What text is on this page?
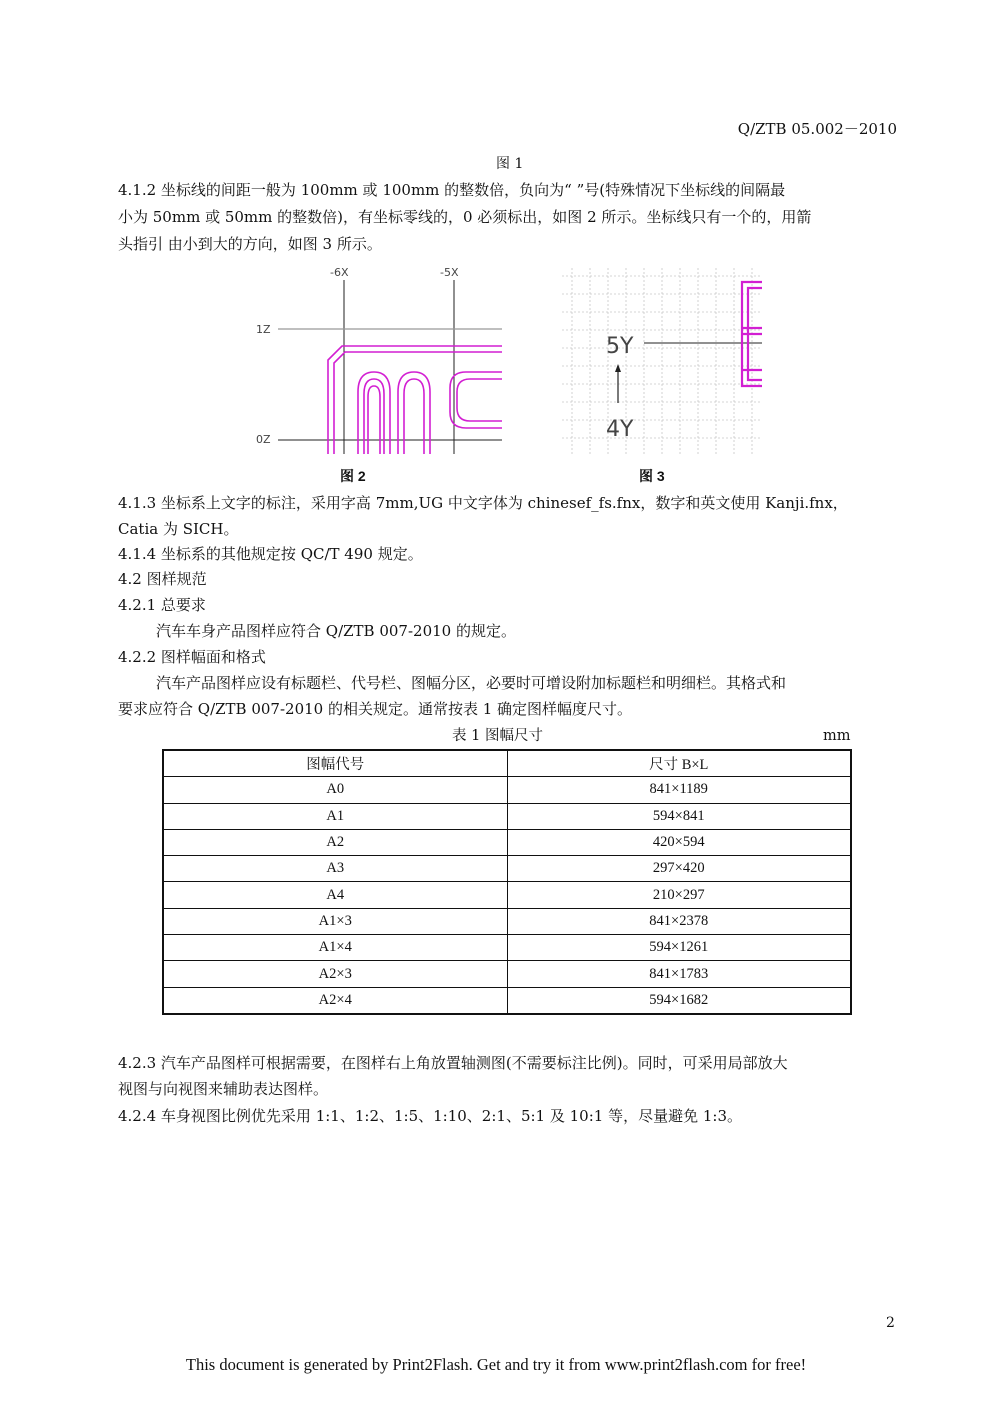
Q/ZTB 05.002－2010
图 1
4.1.2 坐标线的间距一般为 100mm 或 100mm 的整数倍，负向为“ ”号(特殊情况下坐标线的间隔最
小为 50mm 或 50mm 的整数倍)，有坐标零线的，0 必须标出，如图 2 所示。坐标线只有一个的，用箭
头指引 由小到大的方向，如图 3 所示。
-6X	-5X
1Z
0Z
5Y
4Y
图 2	图 3
4.1.3 坐标系上文字的标注，采用字高 7mm,UG 中文字体为 chinesef_fs.fnx，数字和英文使用 Kanji.fnx，
Catia 为 SICH。
4.1.4 坐标系的其他规定按 QC/T 490 规定。
4.2 图样规范
4.2.1 总要求
汽车车身产品图样应符合 Q/ZTB 007-2010 的规定。
4.2.2 图样幅面和格式
汽车产品图样应设有标题栏、代号栏、图幅分区，必要时可增设附加标题栏和明细栏。其格式和
要求应符合 Q/ZTB 007-2010 的相关规定。通常按表 1 确定图样幅度尺寸。
表 1 图幅尺寸	mm
图幅代号	尺寸 B×L
A0	841×1189
A1	594×841
A2	420×594
A3	297×420
A4	210×297
A1×3	841×2378
A1×4	594×1261
A2×3	841×1783
A2×4	594×1682
4.2.3 汽车产品图样可根据需要，在图样右上角放置轴测图(不需要标注比例)。同时，可采用局部放大
视图与向视图来辅助表达图样。
4.2.4 车身视图比例优先采用 1:1、1:2、1:5、1:10、2:1、5:1 及 10:1 等，尽量避免 1:3。
2
This document is generated by Print2Flash. Get and try it from www.print2flash.com for free!
